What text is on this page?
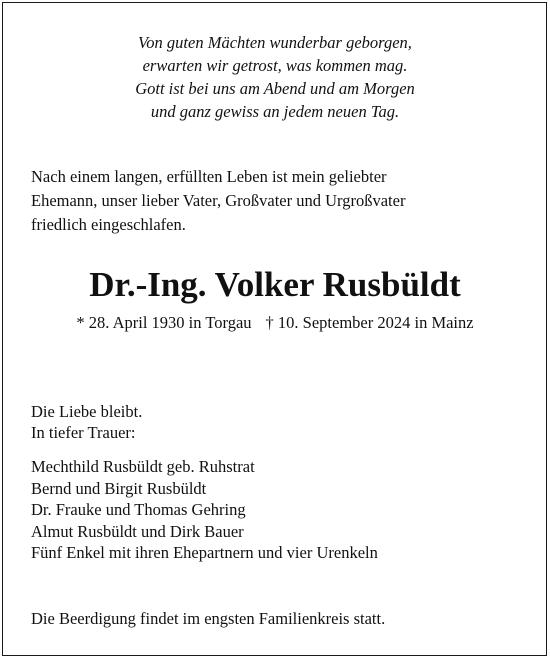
Von guten Mächten wunderbar geborgen,
erwarten wir getrost, was kommen mag.
Gott ist bei uns am Abend und am Morgen
und ganz gewiss an jedem neuen Tag.
Nach einem langen, erfüllten Leben ist mein geliebter
Ehemann, unser lieber Vater, Großvater und Urgroßvater
friedlich eingeschlafen.
Dr.-Ing. Volker Rusbüldt
* 28. April 1930 in Torgau † 10. September 2024 in Mainz
Die Liebe bleibt.
In tiefer Trauer:
Mechthild Rusbüldt geb. Ruhstrat
Bernd und Birgit Rusbüldt
Dr. Frauke und Thomas Gehring
Almut Rusbüldt und Dirk Bauer
Fünf Enkel mit ihren Ehepartnern und vier Urenkeln
Die Beerdigung findet im engsten Familienkreis statt.
